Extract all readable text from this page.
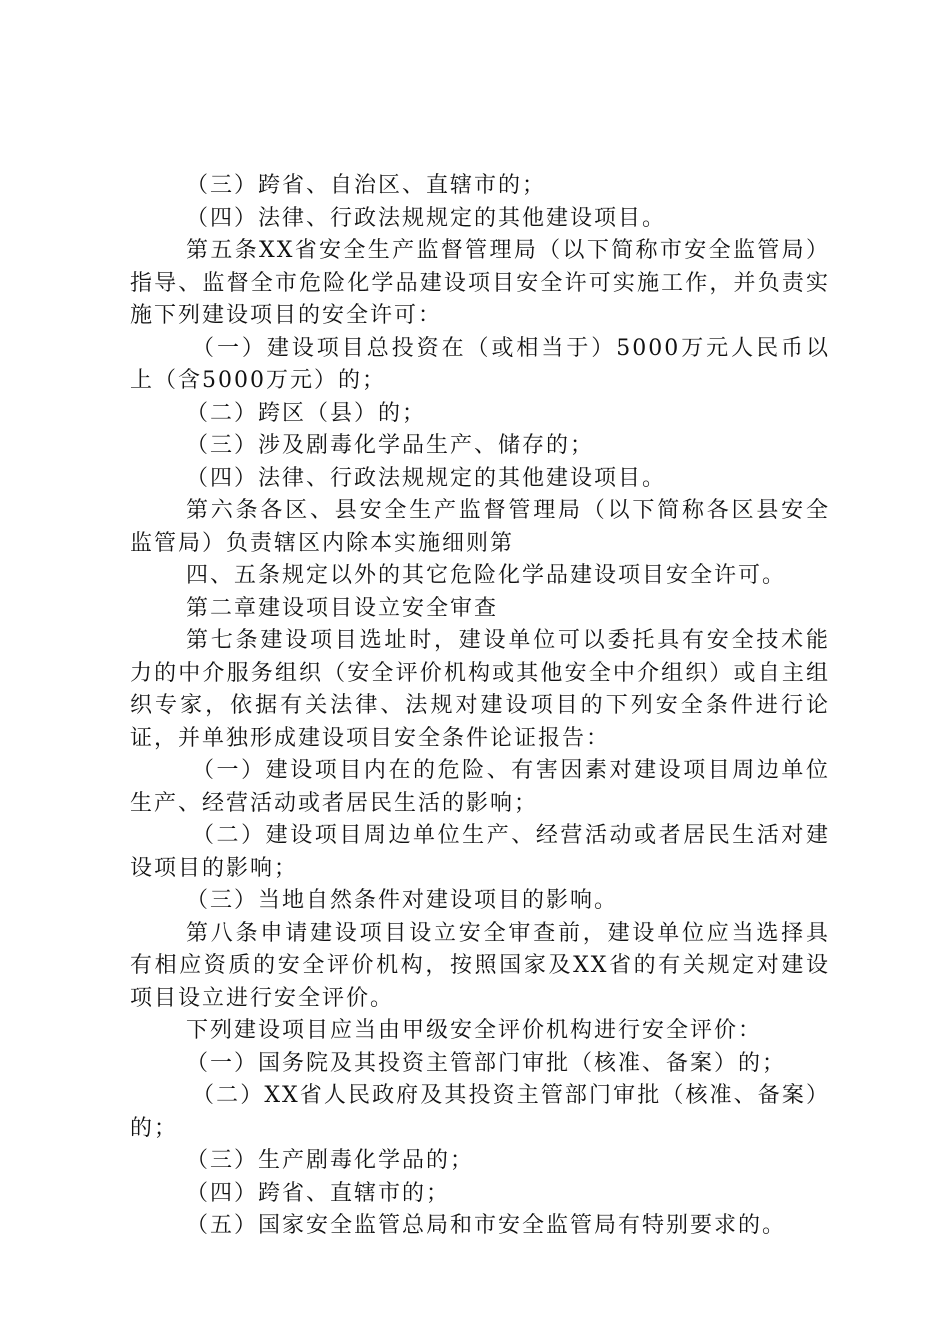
（三）跨省、自治区、直辖市的；

（四）法律、行政法规规定的其他建设项目。

第五条XX省安全生产监督管理局（以下简称市安全监管局）指导、监督全市危险化学品建设项目安全许可实施工作，并负责实施下列建设项目的安全许可：

（一）建设项目总投资在（或相当于）5000万元人民币以上（含5000万元）的；

（二）跨区（县）的；

（三）涉及剧毒化学品生产、储存的；

（四）法律、行政法规规定的其他建设项目。

第六条各区、县安全生产监督管理局（以下简称各区县安全监管局）负责辖区内除本实施细则第

四、五条规定以外的其它危险化学品建设项目安全许可。

第二章建设项目设立安全审查

第七条建设项目选址时，建设单位可以委托具有安全技术能力的中介服务组织（安全评价机构或其他安全中介组织）或自主组织专家，依据有关法律、法规对建设项目的下列安全条件进行论证，并单独形成建设项目安全条件论证报告：

（一）建设项目内在的危险、有害因素对建设项目周边单位生产、经营活动或者居民生活的影响；

（二）建设项目周边单位生产、经营活动或者居民生活对建设项目的影响；

（三）当地自然条件对建设项目的影响。

第八条申请建设项目设立安全审查前，建设单位应当选择具有相应资质的安全评价机构，按照国家及XX省的有关规定对建设项目设立进行安全评价。

下列建设项目应当由甲级安全评价机构进行安全评价：

（一）国务院及其投资主管部门审批（核准、备案）的；

（二）XX省人民政府及其投资主管部门审批（核准、备案）的；

（三）生产剧毒化学品的；

（四）跨省、直辖市的；

（五）国家安全监管总局和市安全监管局有特别要求的。
